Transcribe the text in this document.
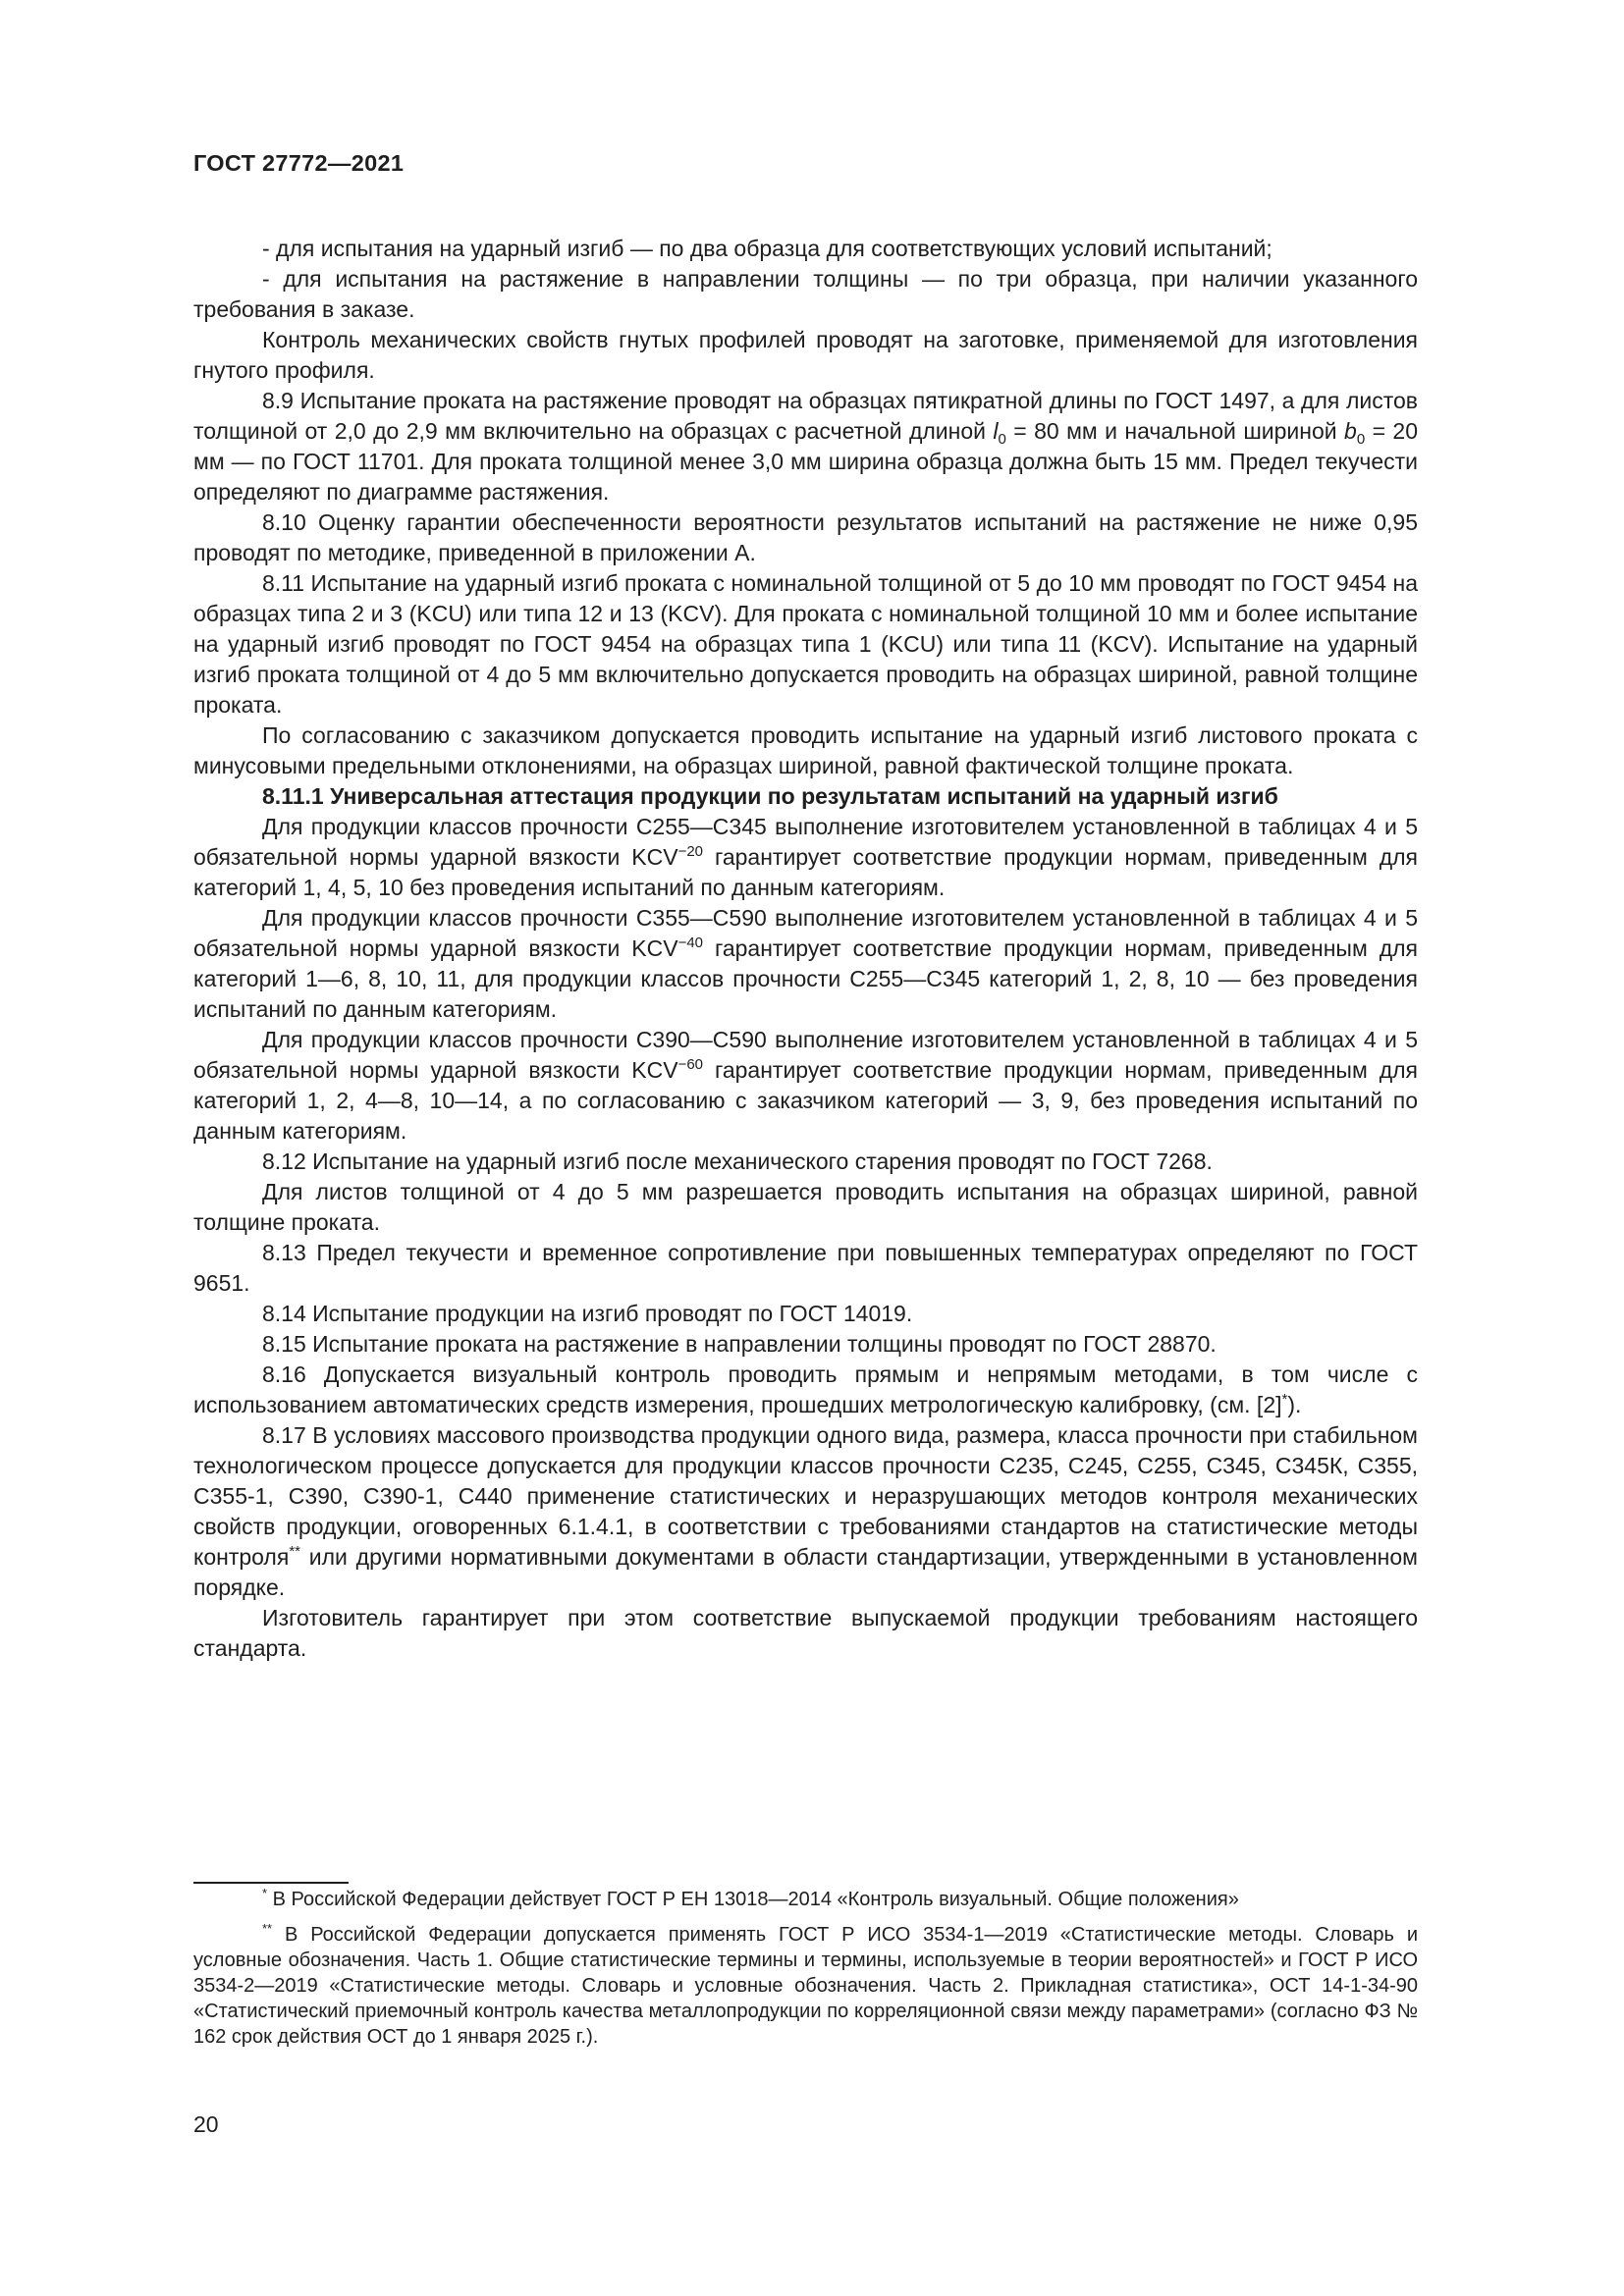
ГОСТ 27772—2021

- для испытания на ударный изгиб — по два образца для соответствующих условий испытаний;

- для испытания на растяжение в направлении толщины — по три образца, при наличии указанного требования в заказе.

Контроль механических свойств гнутых профилей проводят на заготовке, применяемой для изготовления гнутого профиля.

8.9 Испытание проката на растяжение проводят на образцах пятикратной длины по ГОСТ 1497, а для листов толщиной от 2,0 до 2,9 мм включительно на образцах с расчетной длиной $l_0 = 80$ мм и начальной шириной $b_0 = 20$ мм — по ГОСТ 11701. Для проката толщиной менее 3,0 мм ширина образца должна быть 15 мм. Предел текучести определяют по диаграмме растяжения.

8.10 Оценку гарантии обеспеченности вероятности результатов испытаний на растяжение не ниже 0,95 проводят по методике, приведенной в приложении А.

8.11 Испытание на ударный изгиб проката с номинальной толщиной от 5 до 10 мм проводят по ГОСТ 9454 на образцах типа 2 и 3 (KCU) или типа 12 и 13 (KCV). Для проката с номинальной толщиной 10 мм и более испытание на ударный изгиб проводят по ГОСТ 9454 на образцах типа 1 (KCU) или типа 11 (KCV). Испытание на ударный изгиб проката толщиной от 4 до 5 мм включительно допускается проводить на образцах шириной, равной толщине проката.

По согласованию с заказчиком допускается проводить испытание на ударный изгиб листового проката с минусовыми предельными отклонениями, на образцах шириной, равной фактической толщине проката.

8.11.1 Универсальная аттестация продукции по результатам испытаний на ударный изгиб

Для продукции классов прочности С255—С345 выполнение изготовителем установленной в таблицах 4 и 5 обязательной нормы ударной вязкости $KCV^{-20}$ гарантирует соответствие продукции нормам, приведенным для категорий 1, 4, 5, 10 без проведения испытаний по данным категориям.

Для продукции классов прочности С355—С590 выполнение изготовителем установленной в таблицах 4 и 5 обязательной нормы ударной вязкости $KCV^{-40}$ гарантирует соответствие продукции нормам, приведенным для категорий 1—6, 8, 10, 11, для продукции классов прочности С255—С345 категорий 1, 2, 8, 10 — без проведения испытаний по данным категориям.

Для продукции классов прочности С390—С590 выполнение изготовителем установленной в таблицах 4 и 5 обязательной нормы ударной вязкости $KCV^{-60}$ гарантирует соответствие продукции нормам, приведенным для категорий 1, 2, 4—8, 10—14, а по согласованию с заказчиком категорий — 3, 9, без проведения испытаний по данным категориям.

8.12 Испытание на ударный изгиб после механического старения проводят по ГОСТ 7268.

Для листов толщиной от 4 до 5 мм разрешается проводить испытания на образцах шириной, равной толщине проката.

8.13 Предел текучести и временное сопротивление при повышенных температурах определяют по ГОСТ 9651.

8.14 Испытание продукции на изгиб проводят по ГОСТ 14019.

8.15 Испытание проката на растяжение в направлении толщины проводят по ГОСТ 28870.

8.16 Допускается визуальный контроль проводить прямым и непрямым методами, в том числе с использованием автоматических средств измерения, прошедших метрологическую калибровку, (см. [2]*).

8.17 В условиях массового производства продукции одного вида, размера, класса прочности при стабильном технологическом процессе допускается для продукции классов прочности С235, С245, С255, С345, С345К, С355, С355-1, С390, С390-1, С440 применение статистических и неразрушающих методов контроля механических свойств продукции, оговоренных 6.1.4.1, в соответствии с требованиями стандартов на статистические методы контроля** или другими нормативными документами в области стандартизации, утвержденными в установленном порядке.

Изготовитель гарантирует при этом соответствие выпускаемой продукции требованиям настоящего стандарта.

* В Российской Федерации действует ГОСТ Р ЕН 13018—2014 «Контроль визуальный. Общие положения»

** В Российской Федерации допускается применять ГОСТ Р ИСО 3534-1—2019 «Статистические методы. Словарь и условные обозначения. Часть 1. Общие статистические термины и термины, используемые в теории вероятностей» и ГОСТ Р ИСО 3534-2—2019 «Статистические методы. Словарь и условные обозначения. Часть 2. Прикладная статистика», ОСТ 14-1-34-90 «Статистический приемочный контроль качества металлопродукции по корреляционной связи между параметрами» (согласно ФЗ № 162 срок действия ОСТ до 1 января 2025 г.).

20
